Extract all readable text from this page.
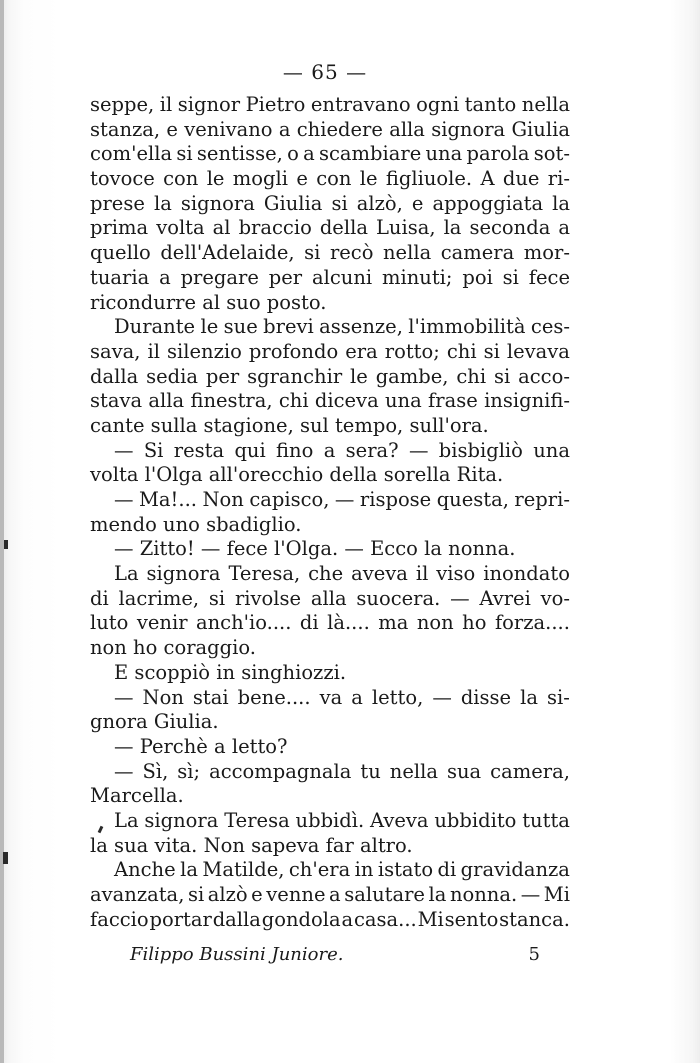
— 65 —
seppe, il signor Pietro entravano ogni tanto nella
stanza, e venivano a chiedere alla signora Giulia
com'ella si sentisse, o a scambiare una parola sot-
tovoce con le mogli e con le figliuole. A due ri-
prese la signora Giulia si alzò, e appoggiata la
prima volta al braccio della Luisa, la seconda a
quello dell'Adelaide, si recò nella camera mor-
tuaria a pregare per alcuni minuti; poi si fece
ricondurre al suo posto.
Durante le sue brevi assenze, l'immobilità ces-
sava, il silenzio profondo era rotto; chi si levava
dalla sedia per sgranchir le gambe, chi si acco-
stava alla finestra, chi diceva una frase insignifi-
cante sulla stagione, sul tempo, sull'ora.
— Si resta qui fino a sera? — bisbigliò una
volta l'Olga all'orecchio della sorella Rita.
— Ma!... Non capisco, — rispose questa, repri-
mendo uno sbadiglio.
— Zitto! — fece l'Olga. — Ecco la nonna.
La signora Teresa, che aveva il viso inondato
di lacrime, si rivolse alla suocera. — Avrei vo-
luto venir anch'io.... di là.... ma non ho forza....
non ho coraggio.
E scoppiò in singhiozzi.
— Non stai bene.... va a letto, — disse la si-
gnora Giulia.
— Perchè a letto?
— Sì, sì; accompagnala tu nella sua camera,
Marcella.
La signora Teresa ubbidì. Aveva ubbidito tutta
la sua vita. Non sapeva far altro.
Anche la Matilde, ch'era in istato di gravidanza
avanzata, si alzò e venne a salutare la nonna. — Mi
faccio portar dalla gondola a casa... Mi sento stanca.
Filippo Bussini Juniore.	5
